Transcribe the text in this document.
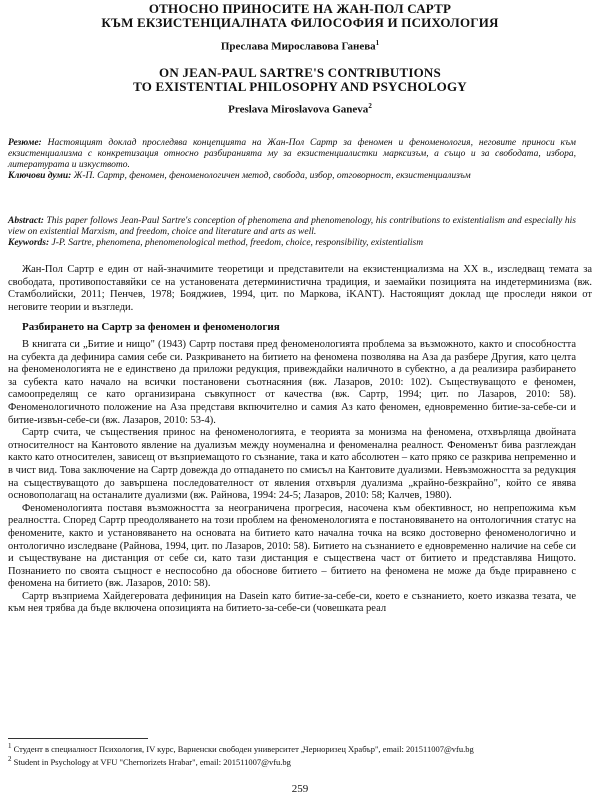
ОТНОСНО ПРИНОСИТЕ НА ЖАН-ПОЛ САРТР
КЪМ ЕКЗИСТЕНЦИАЛНАТА ФИЛОСОФИЯ И ПСИХОЛОГИЯ
Преслава Мирославова Ганева$^1$
ON JEAN-PAUL SARTRE'S CONTRIBUTIONS
TO EXISTENTIAL PHILOSOPHY AND PSYCHOLOGY
Preslava Miroslavova Ganeva$^2$
Резюме: Настоящият доклад проследява концепцията на Жан-Пол Сартр за феномен и феноменология, неговите приноси към екзистенциализма с конкретизация относно разбиранията му за екзистенциалистки марксизъм, а също и за свободата, избора, литературата и изкуството.
Ключови думи: Ж-П. Сартр, феномен, феноменологичен метод, свобода, избор, отговорност, екзистенциализъм
Abstract: This paper follows Jean-Paul Sartre's conception of phenomena and phenomenology, his contributions to existentialism and especially his view on existential Marxism, and freedom, choice and literature and arts as well.
Keywords: J-P. Sartre, phenomena, phenomenological method, freedom, choice, responsibility, existentialism

Жан-Пол Сартр е един от най-значимите теоретици и представители на екзистенциализма на XX в., изследващ темата за свободата, противопоставяйки се на установената детерминистична традиция, и заемайки позицията на индетерминизма (вж. Стамболийски, 2011; Пенчев, 1978; Бояджиев, 1994, цит. по Маркова, iKANT). Настоящият доклад ще проследи някои от неговите теории и възгледи.

Разбирането на Сартр за феномен и феноменология

В книгата си „Битие и нищо" (1943) Сартр поставя пред феноменологията проблема за възможното, както и способността на субекта да дефинира самия себе си. Разкриването на битието на феномена позволява на Аза да разбере Другия, като целта на феноменологията не е единствено да приложи редукция, привеждайки наличното в субектно, а да реализира разбирането за субекта като начало на всички постановени съотнасяния (вж. Лазаров, 2010: 102). Съществуващото е феномен, самоопределящ се като организирана съвкупност от качества (вж. Сартр, 1994; цит. по Лазаров, 2010: 58). Феноменологичното положение на Аза представя вкпючително и самия Аз като феномен, едновременно битие-за-себе-си и битие-извън-себе-си (вж. Лазаров, 2010: 53-4).

Сартр счита, че съществения принос на феноменологията, е теорията за монизма на феномена, отхвърляща двойната относителност на Кантовото явление на дуализъм между ноуменална и феноменална реалност. Феноменът бива разглеждан както като относителен, зависещ от възприемащото го съзнание, така и като абсолютен – като пряко се разкрива непременно и в чист вид. Това заключение на Сартр довежда до отпадането по смисъл на Кантовите дуализми. Невъзможността за редукция на съществуващото до завършена последователност от явления отхвърля дуализма „крайно-безкрайно", който се явява основополагащ на останалите дуализми (вж. Райнова, 1994: 24-5; Лазаров, 2010: 58; Калчев, 1980).

Феноменологията поставя възможността за неограничена прогресия, насочена към обективност, но непрепожима към реалността. Според Сартр преодоляването на този проблем на феноменологията е постановяването на онтологичния статус на феномените, както и установяването на основата на битието като начална точка на всяко достоверно феноменологично и онтологично изследване (Райнова, 1994, цит. по Лазаров, 2010: 58). Битието на съзнанието е едновременно наличие на себе си и съществуване на дистанция от себе си, като тази дистанция е съществена част от битието и представлява Нищото. Познанието по своята същност е неспособно да обоснове битието – битието на феномена не може да бъде приравнено с феномена на битието (вж. Лазаров, 2010: 58).

Сартр възприема Хайдегеровата дефиниция на Dasein като битие-за-себе-си, което е съзнанието, което изказва тезата, че към нея трябва да бъде включена опозицията на битието-за-себе-си (човешката реал

$^1$ Студент в специалност Психология, IV курс, Варненски свободен университет „Черноризец Храбър", email: 201511007@vfu.bg
$^2$ Student in Psychology at VFU "Chernorizets Hrabar", email: 201511007@vfu.bg
259
